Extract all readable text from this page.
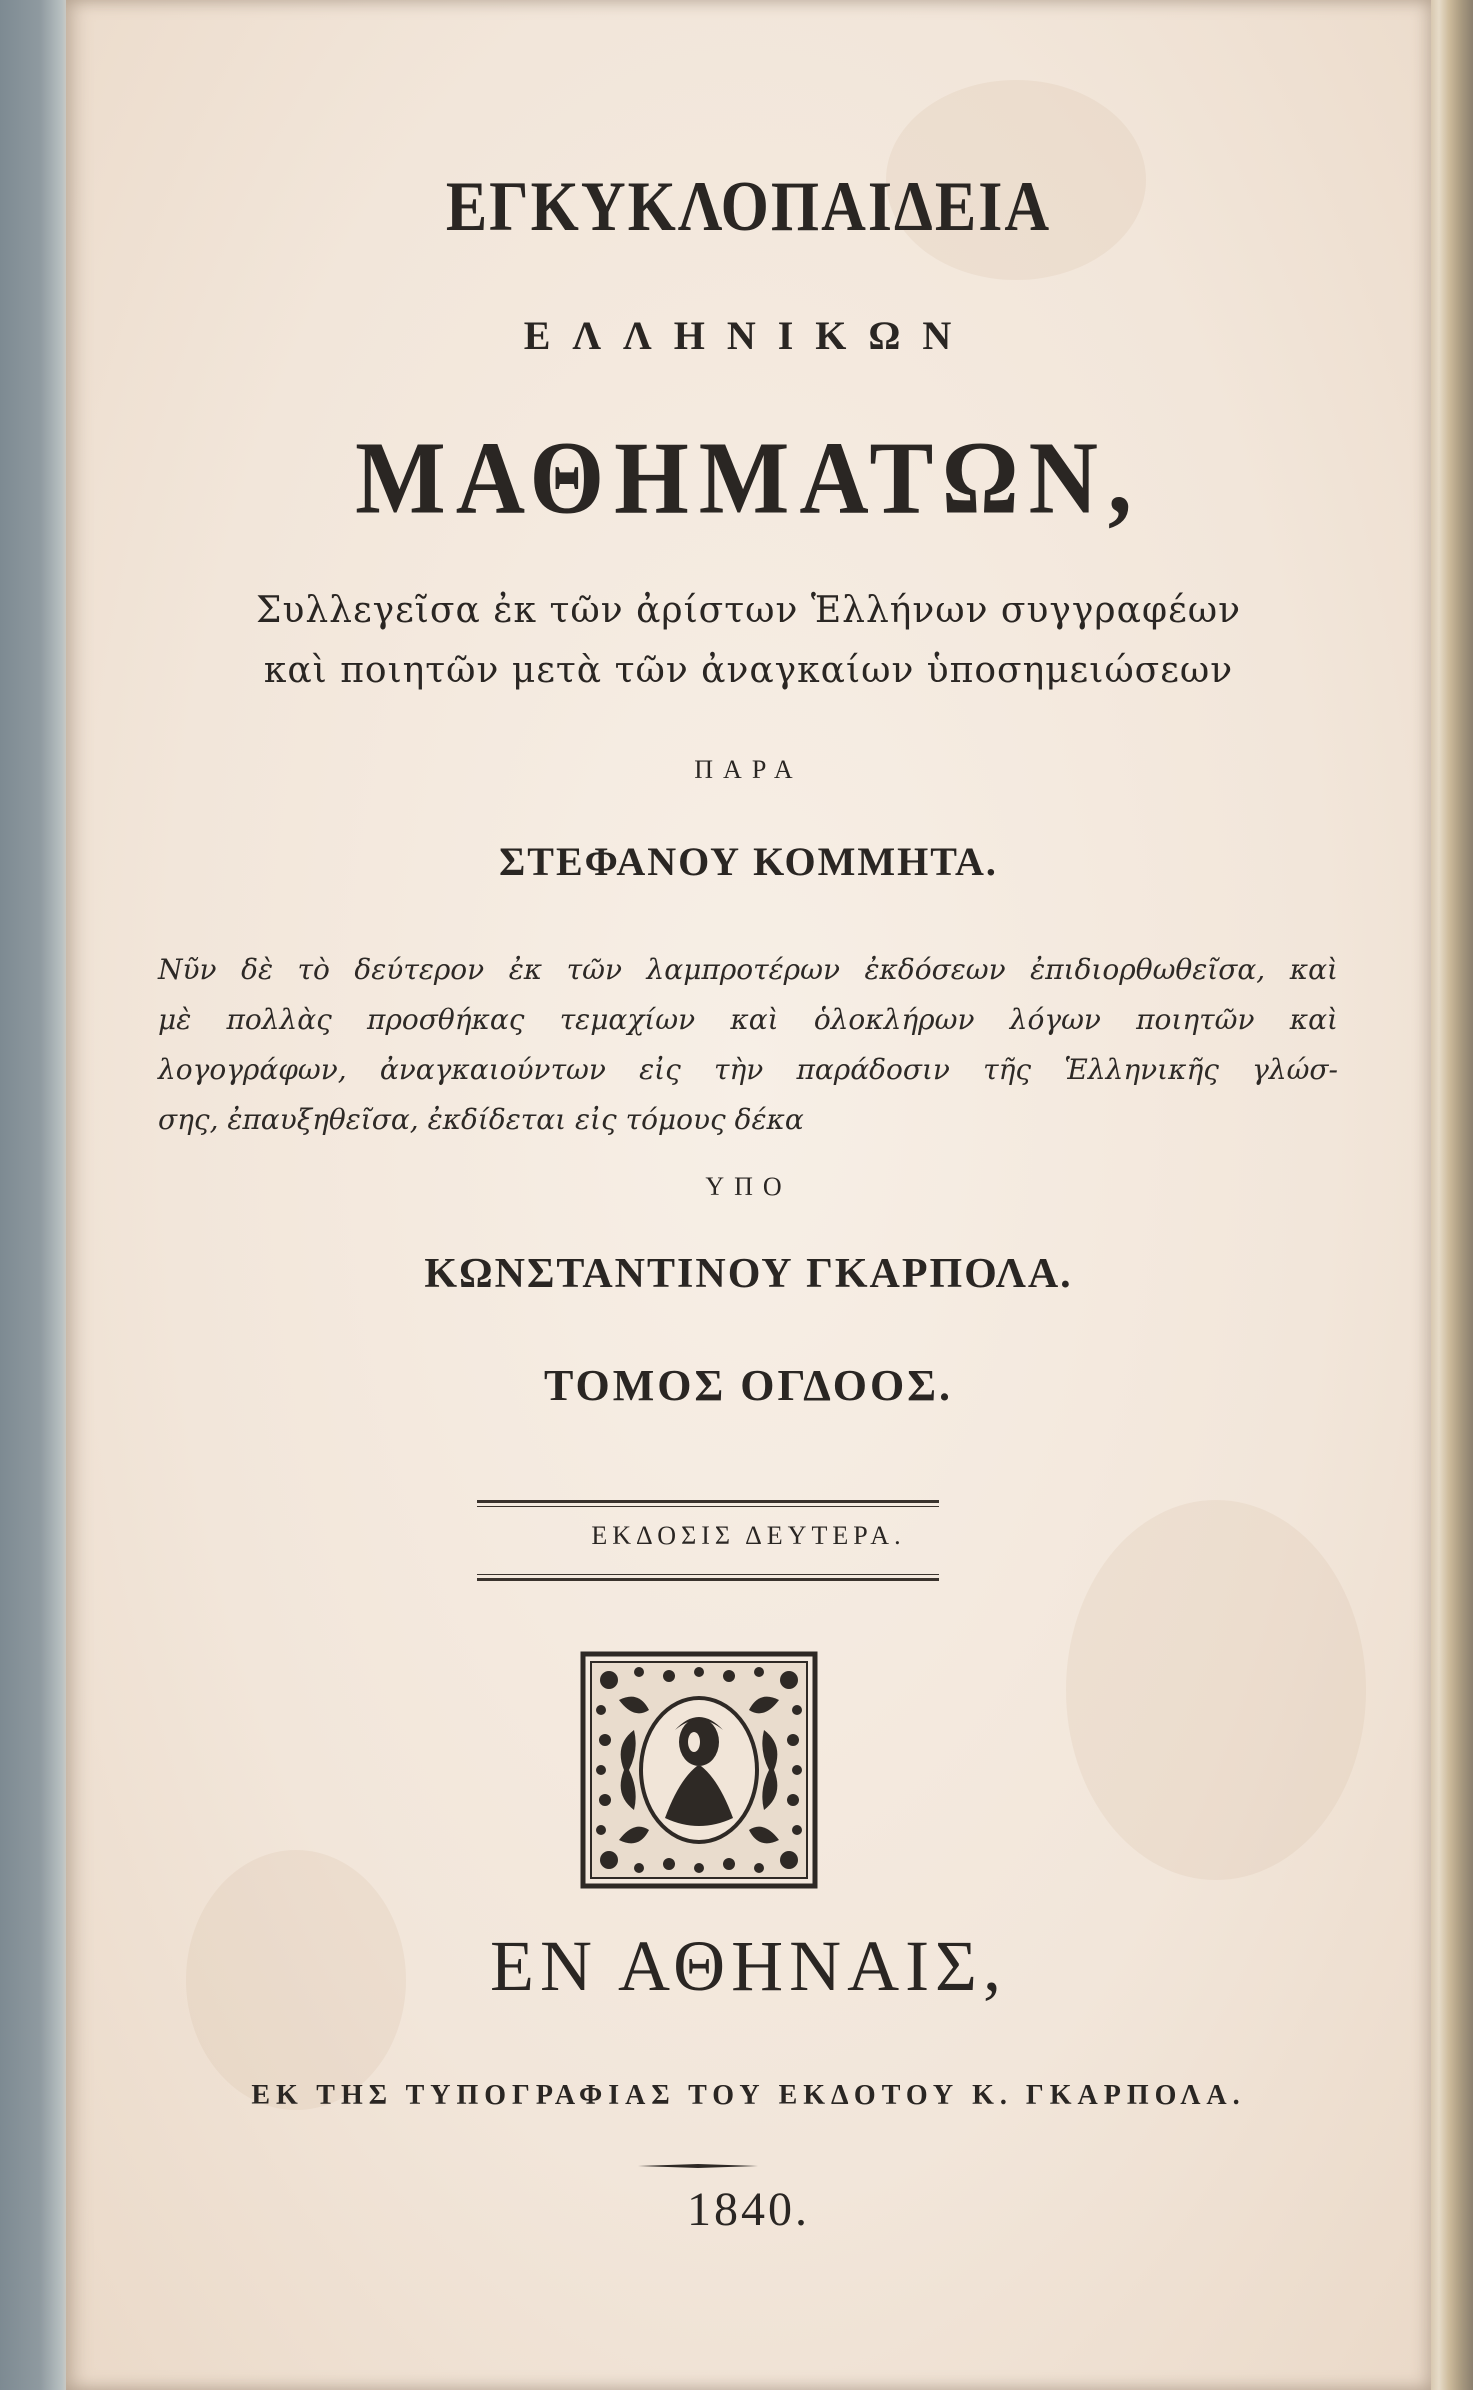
ΕΓΚΥΚΛΟΠΑΙΔΕΙΑ
ΕΛΛΗΝΙΚΩΝ
ΜΑΘΗΜΑΤΩΝ,
Συλλεγεῖσα ἐκ τῶν ἀρίστων Ἑλλήνων συγγραφέων
καὶ ποιητῶν μετὰ τῶν ἀναγκαίων ὑποσημειώσεων
ΠΑΡΑ
ΣΤΕΦΑΝΟΥ ΚΟΜΜΗΤΑ.
Νῦν δὲ τὸ δεύτερον ἐκ τῶν λαμπροτέρων ἐκδόσεων ἐπιδιορθωθεῖσα, καὶ
μὲ πολλὰς προσθήκας τεμαχίων καὶ ὁλοκλήρων λόγων ποιητῶν καὶ
λογογράφων, ἀναγκαιούντων εἰς τὴν παράδοσιν τῆς Ἑλληνικῆς γλώσ-
σης, ἐπαυξηθεῖσα, ἐκδίδεται εἰς τόμους δέκα
ΥΠΟ
ΚΩΝΣΤΑΝΤΙΝΟΥ ΓΚΑΡΠΟΛΑ.
ΤΟΜΟΣ ΟΓΔΟΟΣ.
ΕΚΔΟΣΙΣ ΔΕΥΤΕΡΑ.
ΕΝ ΑΘΗΝΑΙΣ,
ΕΚ ΤΗΣ ΤΥΠΟΓΡΑΦΙΑΣ ΤΟΥ ΕΚΔΟΤΟΥ Κ. ΓΚΑΡΠΟΛΑ.
1840.
